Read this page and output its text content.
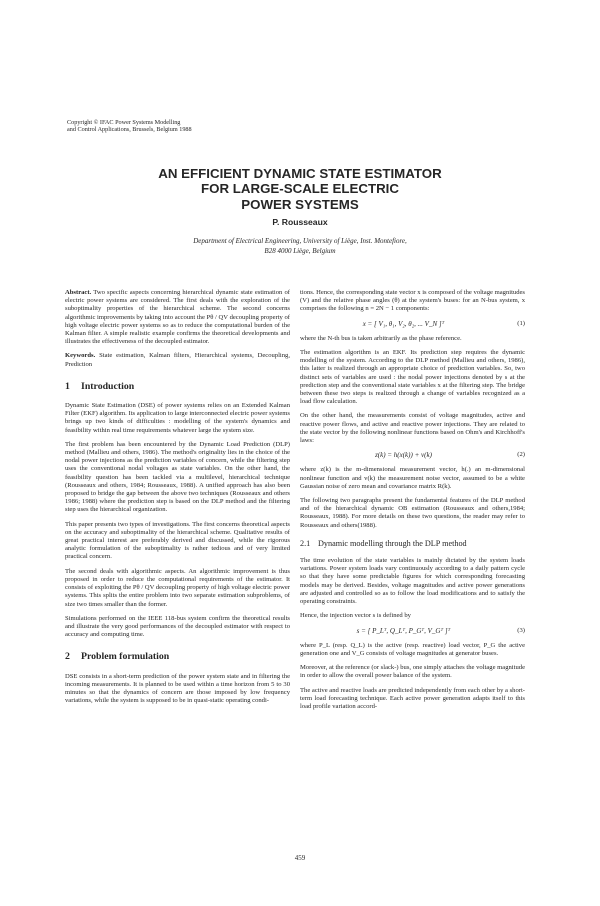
Copyright © IFAC Power Systems Modelling
and Control Applications, Brussels, Belgium 1988
AN EFFICIENT DYNAMIC STATE ESTIMATOR
FOR LARGE-SCALE ELECTRIC
POWER SYSTEMS
P. Rousseaux
Department of Electrical Engineering, University of Liège, Inst. Montefiore,
B28 4000 Liège, Belgium

Abstract. Two specific aspects concerning hierarchical dynamic state estimation of electric power systems are considered. The first deals with the exploration of the suboptimality properties of the hierarchical scheme. The second concerns algorithmic improvements by taking into account the Pθ / QV decoupling property of high voltage electric power systems so as to reduce the computational burden of the Kalman filter. A simple realistic example confirms the theoretical developments and illustrates the effectiveness of the decoupled estimator.

Keywords. State estimation, Kalman filters, Hierarchical systems, Decoupling, Prediction

1 Introduction

Dynamic State Estimation (DSE) of power systems relies on an Extended Kalman Filter (EKF) algorithm. Its application to large interconnected electric power systems brings up two kinds of difficulties : modelling of the system's dynamics and feasibility within real time requirements whatever large the system size.

The first problem has been encountered by the Dynamic Load Prediction (DLP) method (Mallieu and others, 1986). The method's originality lies in the choice of the nodal power injections as the prediction variables of concern, while the filtering step uses the conventional nodal voltages as state variables. On the other hand, the feasibility question has been tackled via a multilevel, hierarchical technique (Rousseaux and others, 1984; Rousseaux, 1988). A unified approach has also been proposed to bridge the gap between the above two techniques (Rousseaux and others 1986; 1988) where the prediction step is based on the DLP method and the filtering step uses the hierarchical organization.

This paper presents two types of investigations. The first concerns theoretical aspects on the accuracy and suboptimality of the hierarchical scheme. Qualitative results of great practical interest are preferably derived and discussed, while the rigorous analytic formulation of the suboptimality is rather tedious and of very limited practical concern.

The second deals with algorithmic aspects. An algorithmic improvement is thus proposed in order to reduce the computational requirements of the estimator. It consists of exploiting the Pθ / QV decoupling property of high voltage electric power systems. This splits the entire problem into two separate estimation subproblems, of size two times smaller than the former.

Simulations performed on the IEEE 118-bus system confirm the theoretical results and illustrate the very good performances of the decoupled estimator with respect to accuracy and computing time.

2 Problem formulation

DSE consists in a short-term prediction of the power system state and in filtering the incoming measurements. It is planned to be used within a time horizon from 5 to 30 minutes so that the dynamics of concern are those imposed by low frequency variations, while the system is supposed to be in quasi-static operating condi-

tions. Hence, the corresponding state vector x is composed of the voltage magnitudes (V) and the relative phase angles (θ) at the system's buses: for an N-bus system, x comprises the following n = 2N − 1 components:

x = [ V₁, θ₁, V₂, θ₂, ... V_N ]ᵀ	(1)

where the N-th bus is taken arbitrarily as the phase reference.

The estimation algorithm is an EKF. Its prediction step requires the dynamic modelling of the system. According to the DLP method (Mallieu and others, 1986), this latter is realized through an appropriate choice of prediction variables. So, two distinct sets of variables are used : the nodal power injections denoted by s at the prediction step and the conventional state variables x at the filtering step. The bridge between these two steps is realized through a change of variables recognized as a load flow calculation.

On the other hand, the measurements consist of voltage magnitudes, active and reactive power flows, and active and reactive power injections. They are related to the state vector by the following nonlinear functions based on Ohm's and Kirchhoff's laws:

z(k) = h(x(k)) + v(k)	(2)

where z(k) is the m-dimensional measurement vector, h(.) an m-dimensional nonlinear function and v(k) the measurement noise vector, assumed to be a white Gaussian noise of zero mean and covariance matrix R(k).

The following two paragraphs present the fundamental features of the DLP method and of the hierarchical dynamic OB estimation (Rousseaux and others,1984; Rousseaux, 1988). For more details on these two questions, the reader may refer to Rousseaux and others(1988).

2.1 Dynamic modelling through the DLP method

The time evolution of the state variables is mainly dictated by the system loads variations. Power system loads vary continuously according to a daily pattern cycle so that they have some predictable figures for which corresponding forecasting models may be derived. Besides, voltage magnitudes and active power generations are adjusted and controlled so as to follow the load modifications and to satisfy the operating constraints.

Hence, the injection vector s is defined by

s = [ P_Lᵀ, Q_Lᵀ, P_Gᵀ, V_Gᵀ ]ᵀ	(3)

where P_L (resp. Q_L) is the active (resp. reactive) load vector, P_G the active generation one and V_G consists of voltage magnitudes at generator buses.

Moreover, at the reference (or slack-) bus, one simply attaches the voltage magnitude in order to allow the overall power balance of the system.

The active and reactive loads are predicted independently from each other by a short-term load forecasting technique. Each active power generation adapts itself to this load profile variation accord-

459
